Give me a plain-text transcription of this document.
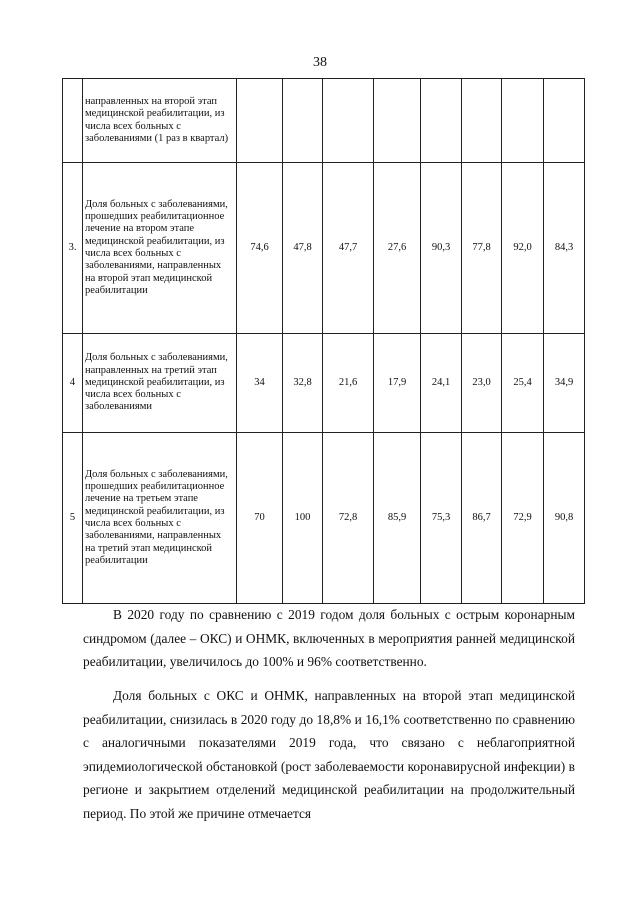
38
	направленных на второй этап медицинской реабилитации, из числа всех больных с заболеваниями (1 раз в квартал)								
3.	Доля больных с заболеваниями, прошедших реабилитационное лечение на втором этапе медицинской реабилитации, из числа всех больных с заболеваниями, направленных на второй этап медицинской реабилитации	74,6	47,8	47,7	27,6	90,3	77,8	92,0	84,3
4	Доля больных с заболеваниями, направленных на третий этап медицинской реабилитации, из числа всех больных с заболеваниями	34	32,8	21,6	17,9	24,1	23,0	25,4	34,9
5	Доля больных с заболеваниями, прошедших реабилитационное лечение на третьем этапе медицинской реабилитации, из числа всех больных с заболеваниями, направленных на третий этап медицинской реабилитации	70	100	72,8	85,9	75,3	86,7	72,9	90,8

В 2020 году по сравнению с 2019 годом доля больных с острым коронарным синдромом (далее – ОКС) и ОНМК, включенных в мероприятия ранней медицинской реабилитации, увеличилось до 100% и 96% соответственно.

Доля больных с ОКС и ОНМК, направленных на второй этап медицинской реабилитации, снизилась в 2020 году до 18,8% и 16,1% соответственно по сравнению с аналогичными показателями 2019 года, что связано с неблагоприятной эпидемиологической обстановкой (рост заболеваемости коронавирусной инфекции) в регионе и закрытием отделений медицинской реабилитации на продолжительный период. По этой же причине отмечается
